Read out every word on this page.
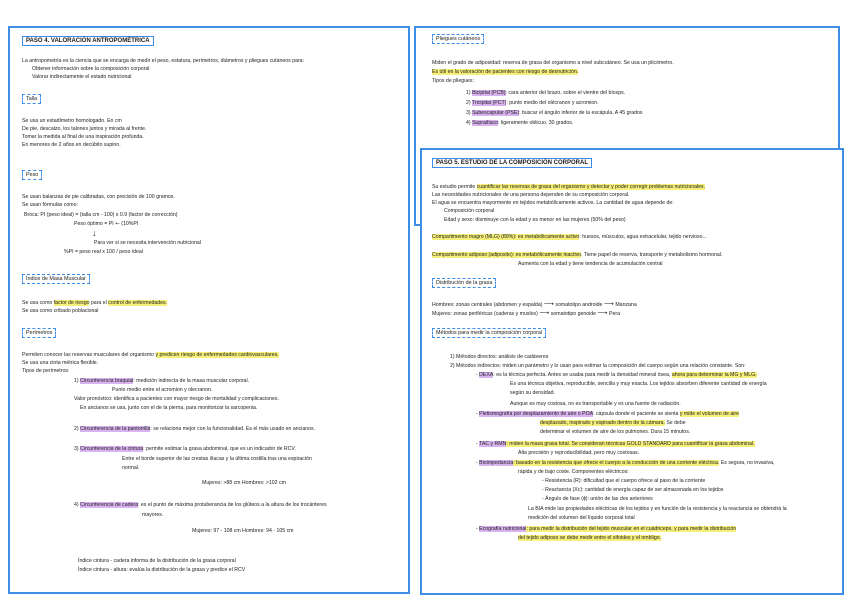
PASO 4. VALORACIÓN ANTROPOMÉTRICA
La antropometría es la ciencia que se encarga de medir el peso, estatura, perímetros, diámetros y pliegues cutáneos para:
Obtener información sobre la composición corporal
Valorar indirectamente el estado nutricional
Talla
Se usa un estadímetro homologado. En cm
De pie, descalzo, los talones juntos y mirada al frente.
Tomar la medida al final de una inspiración profunda.
En menores de 2 años en decúbito supino.
Peso
Se usan balanzas de pie calibradas, con precisión de 100 gramos.
Se usan fórmulas como:
Broca: PI (peso ideal) = (talla cm - 100) x 0.9 (factor de corrección)
Peso óptimo = PI +- (10%PI
↓
Para ver si se necesita intervención nutricional
%PI = peso real x 100 / peso ideal
Índice de Masa Muscular
Se usa como factor de riesgo para el control de enfermedades.
Se usa como cribado poblacional
Perímetros
Permiten conocer las reservas musculares del organismo y predicen riesgo de enfermedades cardiovasculares.
Se usa una cinta métrica flexible.
Tipos de perímetros:
1) Circunferencia braquial: medición indirecta de la masa muscular corporal.
Punto medio entre el acromion y olecranon.
Valor pronóstico: identifica a pacientes con mayor riesgo de mortalidad y complicaciones.
En ancianos se usa, junto con el de la pierna, para monitorizar la sarcopenia.
2) Circunferencia de la pantorrilla: se relaciona mejor con la funcionalidad. Es el más usado en ancianos.
3) Circunferencia de la cintura: permite estimar la grasa abdominal, que es un indicador de RCV.
Entre el borde superior de las crestas ilíacas y la última costilla tras una espiración
normal.
Mujeres: >88 cm Hombres: >102 cm
4) Circunferencia de cadera: es el punto de máxima protuberancia de los glúteos a la altura de los trocánteres
mayores.
Mujeres: 97 - 108 cm Hombres: 94 - 105 cm
Índice cintura - cadera informa de la distribución de la grasa corporal
Índice cintura - altura: evalúa la distribución de la grasa y predice el RCV
Pliegues cutáneos
Miden el grado de adiposidad: reserva de grasa del organismo a nivel subcutáneo. Se usa un plicómetro.
Es útil en la valoración de pacientes con riesgo de desnutrición.
Tipos de pliegues:
1) Bicipital (PCB): cara anterior del brazo, sobre el vientre del bíceps.
2) Tricipital (PCT): punto medio del olécranon y acromion.
3) Subescapular (PSE): buscar el ángulo inferior de la escápula. A 45 grados
4) Suprailíaco: ligeramente oblicuo. 30 grados.
PASO 5. ESTUDIO DE LA COMPOSICIÓN CORPORAL
Su estudio permite cuantificar las reservas de grasa del organismo y detectar y poder corregir problemas nutricionales.
Las necesidades nutricionales de una persona dependen de su composición corporal.
El agua se encuentra mayormente en tejidos metabólicamente activos. La cantidad de agua depende de:
Composición corporal
Edad y sexo: disminuye con la edad y es menor en las mujeres (50% del peso)
Compartimento magro (MLG) (80%): es metabólicamente activo: huesos, músculos, agua extracelular, tejido nervioso...
Compartimento adiposo (adiposito): es metabólicamente inactivo. Tiene papel de reserva, transporte y metabolismo hormonal.
Aumenta con la edad y tiene tendencia de acumulación central
Distribución de la grasa
Hombres: zonas centrales (abdomen y espalda) ⟶ somatotipo androide ⟶ Manzana
Mujeres: zonas periféricas (caderas y muslos) ⟶ somatotipo genoide ⟶ Pera
Métodos para medir la composición corporal
1) Métodos directos: análisis de cadáveres
2) Métodos indirectos: miden un parámetro y lo usan para estimar la composición del cuerpo según una relación constante. Son:
- DEXA: es la técnica perfecta. Antes se usaba para medir la densidad mineral ósea, ahora para determinar la MG y MLG.
Es una técnica objetiva, reproducible, sencilla y muy exacta. Los tejidos absorben diferente cantidad de energía
según su densidad.
Aunque es muy costosa, no es transportable y es una fuente de radiación.
- Pletismografía por desplazamiento de aire o POA: cápsula donde el paciente se sienta y mide el volumen de aire
desplazado, inspirado y espirado dentro de la cámara. Se debe
determinar el volumen de aire de los pulmones. Dura 15 minutos.
- TAC y RMN: miden la masa grasa total. Se consideran técnicas GOLD STANDARD para cuantificar la grasa abdominal.
Alta precisión y reproducibilidad, pero muy costosas.
- Bioimpedancia: basado en la resistencia que ofrece el cuerpo a la conducción de una corriente eléctrica. Es segura, no invasiva,
rápida y de bajo coste. Componentes eléctricos:
- Resistencia (R): dificultad que el cuerpo ofrece al paso de la corriente
- Reactancia (Xc): cantidad de energía capaz de ser almacenada en los tejidos
- Ángulo de fase (ɸ): unión de las dos anteriores
La BIA mide las propiedades eléctricas de los tejidos y en función de la resistencia y la reactancia se obtendrá la
medición del volumen del líquido corporal total
- Ecografía nutricional: para medir la distribución del tejido muscular en el cuádriceps, y para medir la distribución
del tejido adiposo se debe medir entre el xifoides y el ombligo.
